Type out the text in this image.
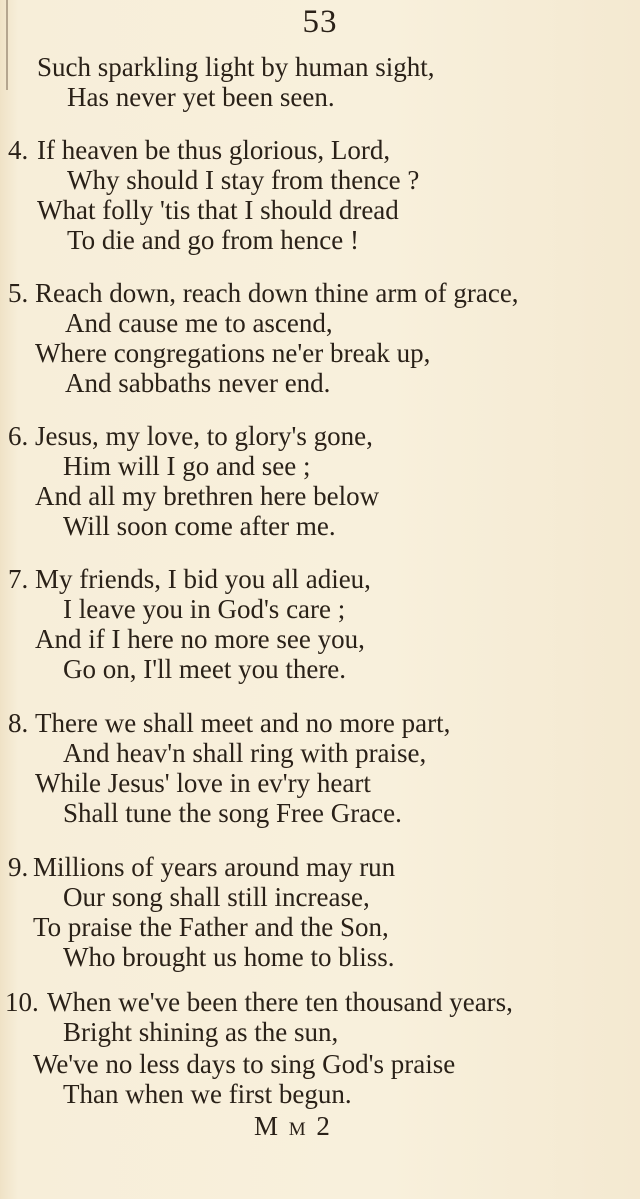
53
Such sparkling light by human sight,
Has never yet been seen.
4. If heaven be thus glorious, Lord,
Why should I stay from thence ?
What folly 'tis that I should dread
To die and go from hence !
5. Reach down, reach down thine arm of grace,
And cause me to ascend,
Where congregations ne'er break up,
And sabbaths never end.
6. Jesus, my love, to glory's gone,
Him will I go and see ;
And all my brethren here below
Will soon come after me.
7. My friends, I bid you all adieu,
I leave you in God's care ;
And if I here no more see you,
Go on, I'll meet you there.
8. There we shall meet and no more part,
And heav'n shall ring with praise,
While Jesus' love in ev'ry heart
Shall tune the song Free Grace.
9. Millions of years around may run
Our song shall still increase,
To praise the Father and the Son,
Who brought us home to bliss.
10. When we've been there ten thousand years,
Bright shining as the sun,
We've no less days to sing God's praise
Than when we first begun.
M M 2
